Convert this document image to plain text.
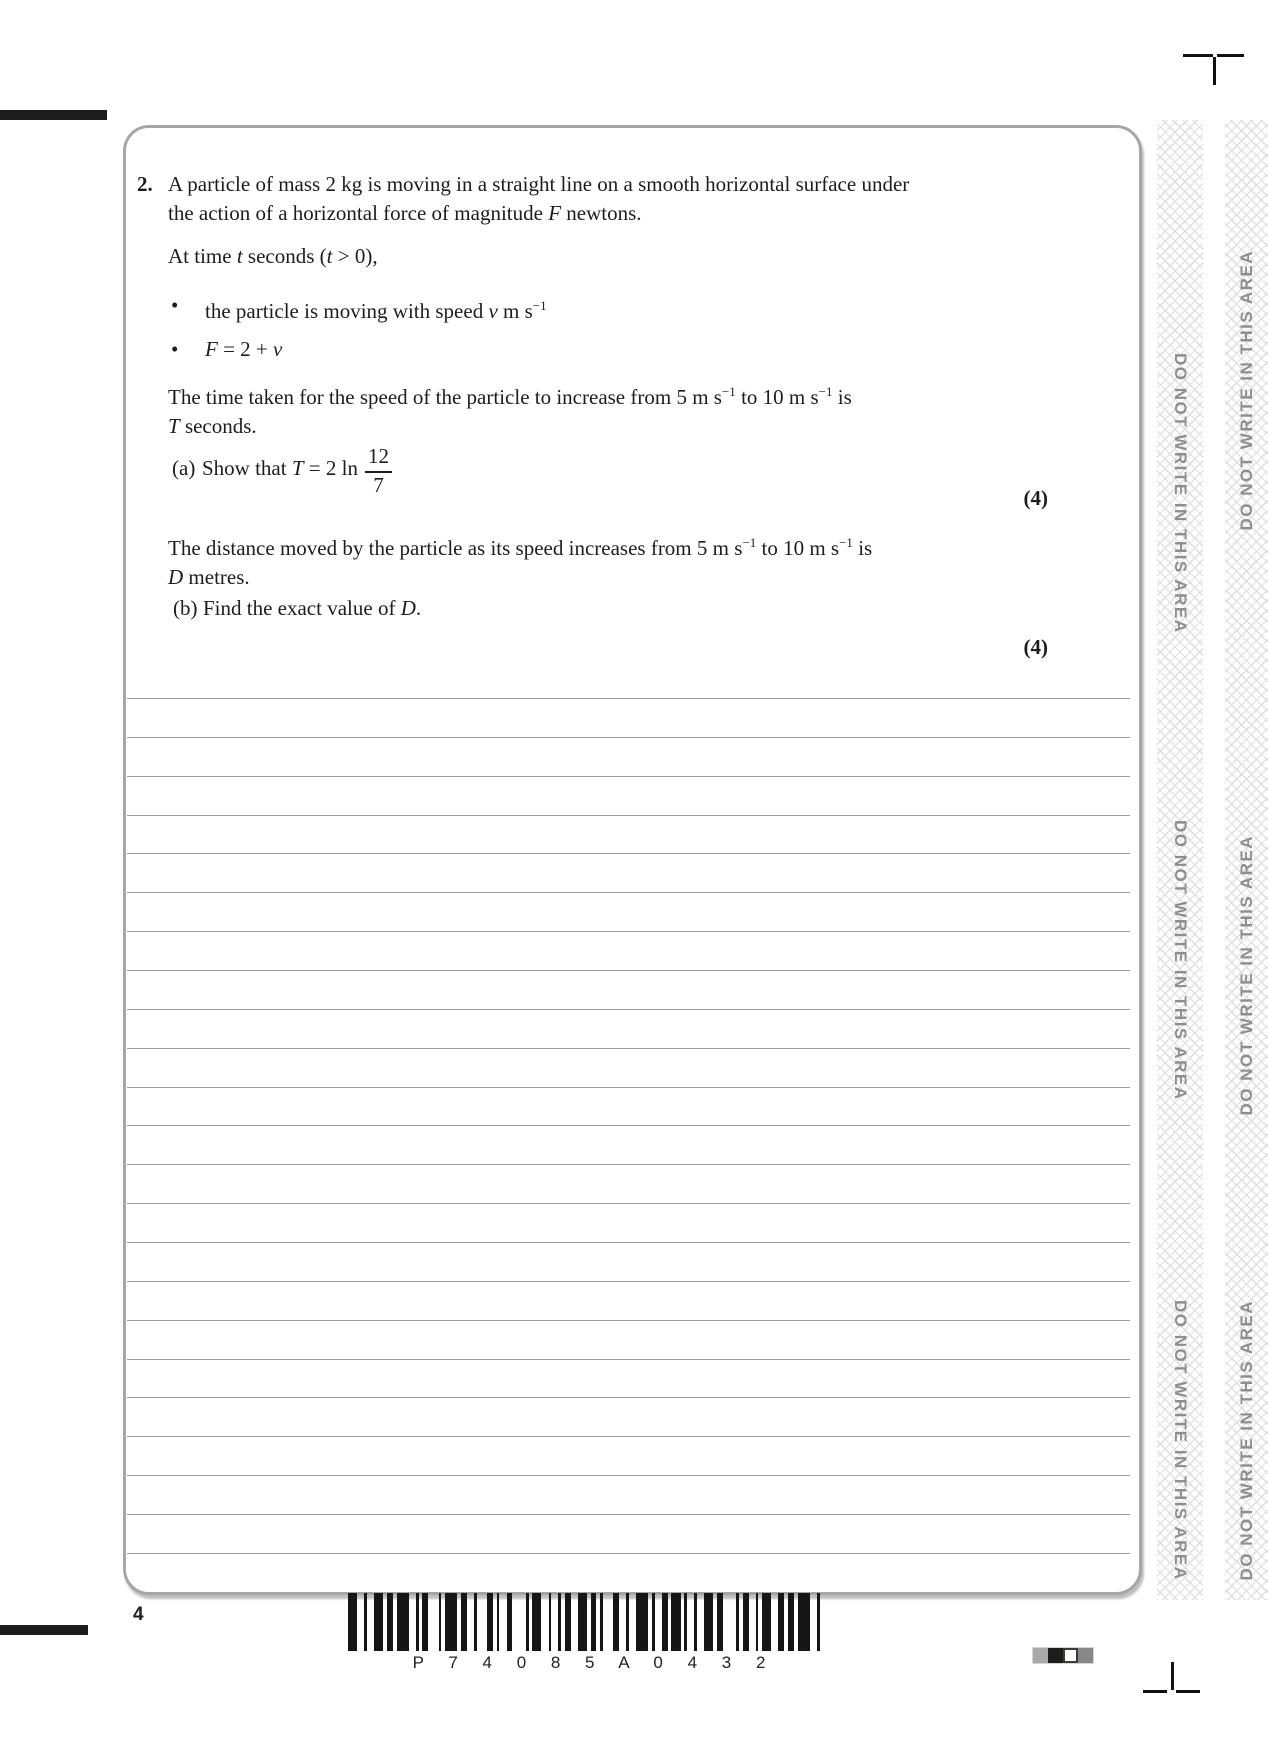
2. A particle of mass 2 kg is moving in a straight line on a smooth horizontal surface under
the action of a horizontal force of magnitude F newtons.
At time t seconds (t > 0),
• the particle is moving with speed v m $s^{-1}$
• F = 2 + v
The time taken for the speed of the particle to increase from 5 m $s^{-1}$ to 10 m $s^{-1}$ is
T seconds.
(a) Show that T = 2 $\ln \frac{12}{7}$
(4)
The distance moved by the particle as its speed increases from 5 m $s^{-1}$ to 10 m $s^{-1}$ is
D metres.
(b) Find the exact value of D.
(4)
DO NOT WRITE IN THIS AREA
DO NOT WRITE IN THIS AREA
DO NOT WRITE IN THIS AREA
DO NOT WRITE IN THIS AREA
DO NOT WRITE IN THIS AREA
DO NOT WRITE IN THIS AREA
4
P 7 4 0 8 5 A 0 4 3 2
